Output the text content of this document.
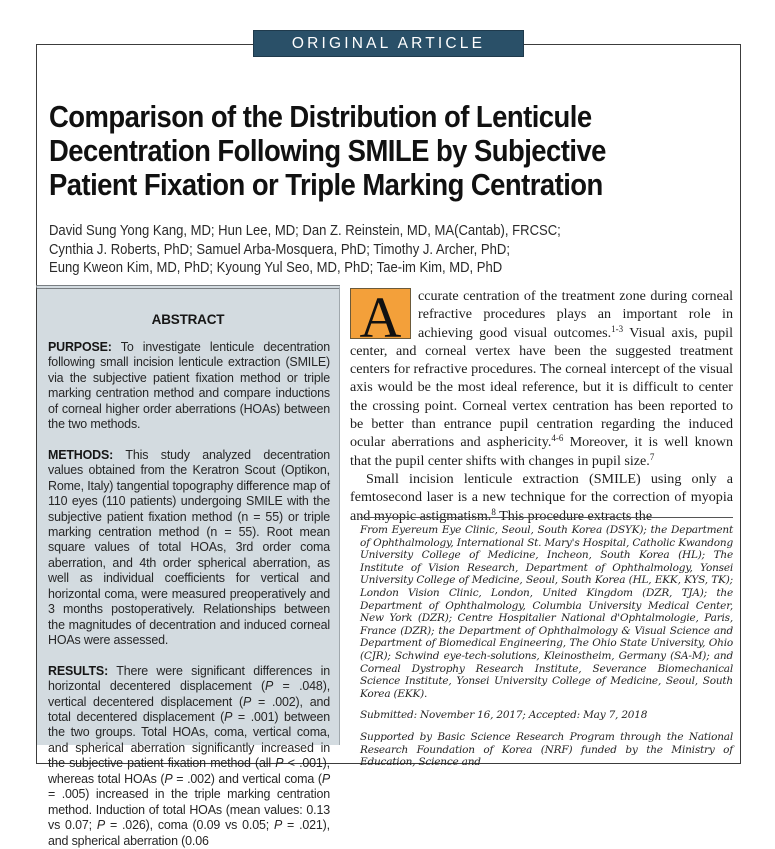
ORIGINAL ARTICLE
Comparison of the Distribution of Lenticule
Decentration Following SMILE by Subjective
Patient Fixation or Triple Marking Centration
David Sung Yong Kang, MD; Hun Lee, MD; Dan Z. Reinstein, MD, MA(Cantab), FRCSC;
Cynthia J. Roberts, PhD; Samuel Arba-Mosquera, PhD; Timothy J. Archer, PhD;
Eung Kweon Kim, MD, PhD; Kyoung Yul Seo, MD, PhD; Tae-im Kim, MD, PhD
ABSTRACT

PURPOSE: To investigate lenticule decentration following small incision lenticule extraction (SMILE) via the subjective patient fixation method or triple marking centration method and compare inductions of corneal higher order aberrations (HOAs) between the two methods.

METHODS: This study analyzed decentration values obtained from the Keratron Scout (Optikon, Rome, Italy) tangential topography difference map of 110 eyes (110 patients) undergoing SMILE with the subjective patient fixation method (n = 55) or triple marking centration method (n = 55). Root mean square values of total HOAs, 3rd order coma aberration, and 4th order spherical aberration, as well as individual coefficients for vertical and horizontal coma, were measured preoperatively and 3 months postoperatively. Relationships between the magnitudes of decentration and induced corneal HOAs were assessed.

RESULTS: There were significant differences in horizontal decentered displacement (P = .048), vertical decentered displacement (P = .002), and total decentered displacement (P = .001) between the two groups. Total HOAs, coma, vertical coma, and spherical aberration significantly increased in the subjective patient fixation method (all P < .001), whereas total HOAs (P = .002) and vertical coma (P = .005) increased in the triple marking centration method. Induction of total HOAs (mean values: 0.13 vs 0.07; P = .026), coma (0.09 vs 0.05; P = .021), and spherical aberration (0.06

A	ccurate centration of the treatment zone during corneal refractive procedures plays an important role in achieving good visual outcomes.$^{1-3}$ Visual axis, pupil center, and corneal vertex have been the suggested treatment centers for refractive procedures. The corneal intercept of the visual axis would be the most ideal reference, but it is difficult to center the crossing point. Corneal vertex centration has been reported to be better than entrance pupil centration regarding the induced ocular aberrations and asphericity.$^{4-6}$ Moreover, it is well known that the pupil center shifts with changes in pupil size.$^7$

Small incision lenticule extraction (SMILE) using only a femtosecond laser is a new technique for the correction of myopia and myopic astigmatism.$^8$ This procedure extracts the

From Eyereum Eye Clinic, Seoul, South Korea (DSYK); the Department of Ophthalmology, International St. Mary's Hospital, Catholic Kwandong University College of Medicine, Incheon, South Korea (HL); The Institute of Vision Research, Department of Ophthalmology, Yonsei University College of Medicine, Seoul, South Korea (HL, EKK, KYS, TK); London Vision Clinic, London, United Kingdom (DZR, TJA); the Department of Ophthalmology, Columbia University Medical Center, New York (DZR); Centre Hospitalier National d'Ophtalmologie, Paris, France (DZR); the Department of Ophthalmology & Visual Science and Department of Biomedical Engineering, The Ohio State University, Ohio (CJR); Schwind eye-tech-solutions, Kleinostheim, Germany (SA-M); and Corneal Dystrophy Research Institute, Severance Biomechanical Science Institute, Yonsei University College of Medicine, Seoul, South Korea (EKK).

Submitted: November 16, 2017; Accepted: May 7, 2018

Supported by Basic Science Research Program through the National Research Foundation of Korea (NRF) funded by the Ministry of Education, Science and
